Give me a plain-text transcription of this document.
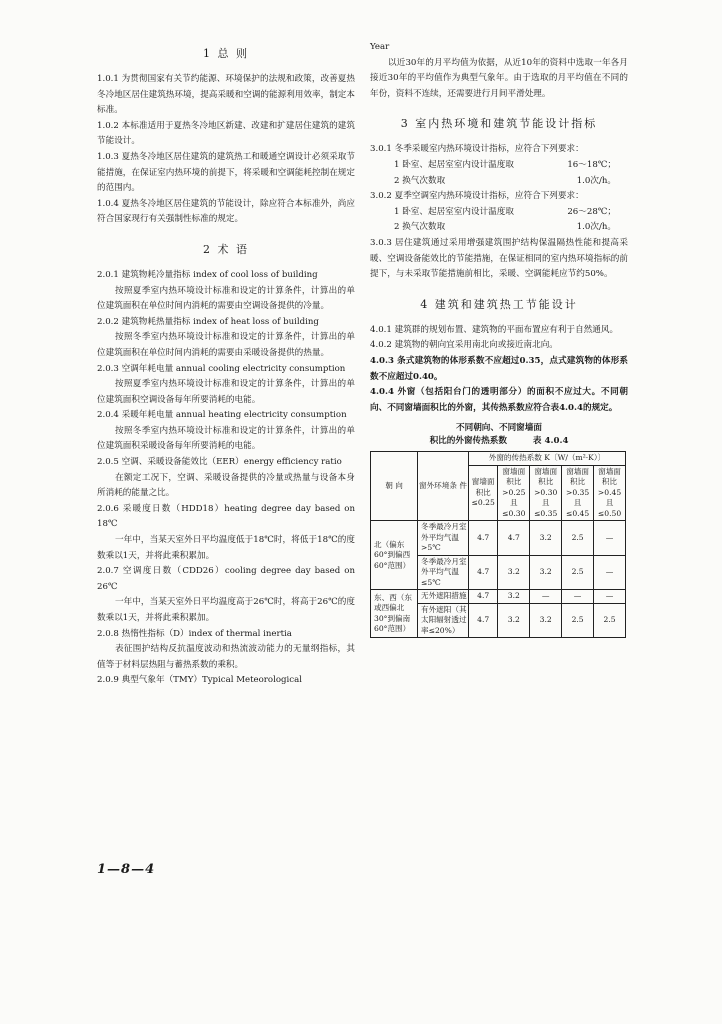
1 总 则

1.0.1 为贯彻国家有关节约能源、环境保护的法规和政策，改善夏热冬冷地区居住建筑热环境，提高采暖和空调的能源利用效率，制定本标准。

1.0.2 本标准适用于夏热冬冷地区新建、改建和扩建居住建筑的建筑节能设计。

1.0.3 夏热冬冷地区居住建筑的建筑热工和暖通空调设计必须采取节能措施，在保证室内热环境的前提下，将采暖和空调能耗控制在规定的范围内。

1.0.4 夏热冬冷地区居住建筑的节能设计，除应符合本标准外，尚应符合国家现行有关强制性标准的规定。

2 术 语

2.0.1 建筑物耗冷量指标 index of cool loss of building

按照夏季室内热环境设计标准和设定的计算条件，计算出的单位建筑面积在单位时间内消耗的需要由空调设备提供的冷量。

2.0.2 建筑物耗热量指标 index of heat loss of building

按照冬季室内热环境设计标准和设定的计算条件，计算出的单位建筑面积在单位时间内消耗的需要由采暖设备提供的热量。

2.0.3 空调年耗电量 annual cooling electricity consumption

按照夏季室内热环境设计标准和设定的计算条件，计算出的单位建筑面积空调设备每年所要消耗的电能。

2.0.4 采暖年耗电量 annual heating electricity consumption

按照冬季室内热环境设计标准和设定的计算条件，计算出的单位建筑面积采暖设备每年所要消耗的电能。

2.0.5 空调、采暖设备能效比（EER）energy efficiency ratio

在额定工况下，空调、采暖设备提供的冷量或热量与设备本身所消耗的能量之比。

2.0.6 采暖度日数（HDD18）heating degree day based on 18℃

一年中，当某天室外日平均温度低于18℃时，将低于18℃的度数乘以1天，并将此乘积累加。

2.0.7 空调度日数（CDD26）cooling degree day based on 26℃

一年中，当某天室外日平均温度高于26℃时，将高于26℃的度数乘以1天，并将此乘积累加。

2.0.8 热惰性指标（D）index of thermal inertia

表征围护结构反抗温度波动和热流波动能力的无量纲指标，其值等于材料层热阻与蓄热系数的乘积。

2.0.9 典型气象年（TMY）Typical Meteorological

Year

以近30年的月平均值为依据，从近10年的资料中选取一年各月接近30年的平均值作为典型气象年。由于选取的月平均值在不同的年份，资料不连续，还需要进行月间平滑处理。

3 室内热环境和建筑节能设计指标

3.0.1 冬季采暖室内热环境设计指标，应符合下列要求：

1 卧室、起居室室内设计温度取	16～18℃；
2 换气次数取	1.0次/h。

3.0.2 夏季空调室内热环境设计指标，应符合下列要求：

1 卧室、起居室室内设计温度取	26～28℃；
2 换气次数取	1.0次/h。

3.0.3 居住建筑通过采用增强建筑围护结构保温隔热性能和提高采暖、空调设备能效比的节能措施，在保证相同的室内热环境指标的前提下，与未采取节能措施前相比，采暖、空调能耗应节约50%。

4 建筑和建筑热工节能设计

4.0.1 建筑群的规划布置、建筑物的平面布置应有利于自然通风。

4.0.2 建筑物的朝向宜采用南北向或接近南北向。

4.0.3 条式建筑物的体形系数不应超过0.35，点式建筑物的体形系数不应超过0.40。

4.0.4 外窗（包括阳台门的透明部分）的面积不应过大。不同朝向、不同窗墙面积比的外窗，其传热系数应符合表4.0.4的规定。

不同朝向、不同窗墙面
积比的外窗传热系数	表 4.0.4
朝 向	窗外环境条 件	外窗的传热系数 K〔W/（m²·K）〕				
		窗墙面积比≤0.25	窗墙面积比>0.25且≤0.30	窗墙面积比>0.30且≤0.35	窗墙面积比>0.35且≤0.45	窗墙面积比>0.45且≤0.50
北（偏东60°到偏西60°范围）	冬季最冷月室外平均气温>5℃	4.7	4.7	3.2	2.5	—
	冬季最冷月室外平均气温≤5℃	4.7	3.2	3.2	2.5	—
东、西（东或西偏北30°到偏南60°范围）	无外遮阳措施	4.7	3.2	—	—	—
	有外遮阳（其太阳辐射透过率≤20%）	4.7	3.2	3.2	2.5	2.5
1—8—4
